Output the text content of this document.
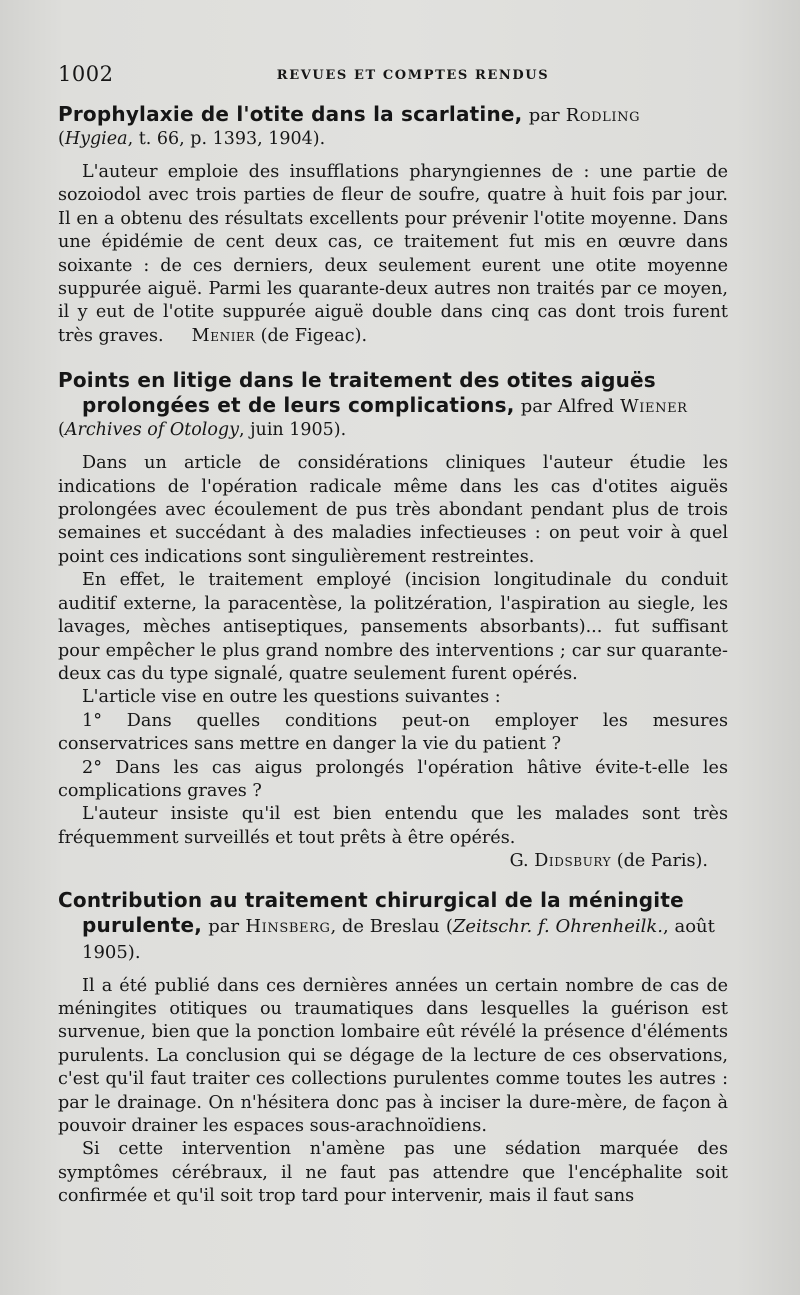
1002	REVUES ET COMPTES RENDUS

Prophylaxie de l'otite dans la scarlatine, par Rodling
(Hygiea, t. 66, p. 1393, 1904).

L'auteur emploie des insufflations pharyngiennes de : une partie de sozoiodol avec trois parties de fleur de soufre, quatre à huit fois par jour. Il en a obtenu des résultats excellents pour prévenir l'otite moyenne. Dans une épidémie de cent deux cas, ce traitement fut mis en œuvre dans soixante : de ces derniers, deux seulement eurent une otite moyenne suppurée aiguë. Parmi les quarante-deux autres non traités par ce moyen, il y eut de l'otite suppurée aiguë double dans cinq cas dont trois furent très graves. Menier (de Figeac).

Points en litige dans le traitement des otites aiguës prolongées et de leurs complications, par Alfred Wiener
(Archives of Otology, juin 1905).

Dans un article de considérations cliniques l'auteur étudie les indications de l'opération radicale même dans les cas d'otites aiguës prolongées avec écoulement de pus très abondant pendant plus de trois semaines et succédant à des maladies infectieuses : on peut voir à quel point ces indications sont singulièrement restreintes.

En effet, le traitement employé (incision longitudinale du conduit auditif externe, la paracentèse, la politzération, l'aspiration au siegle, les lavages, mèches antiseptiques, pansements absorbants)... fut suffisant pour empêcher le plus grand nombre des interventions ; car sur quarante-deux cas du type signalé, quatre seulement furent opérés.

L'article vise en outre les questions suivantes :

1° Dans quelles conditions peut-on employer les mesures conservatrices sans mettre en danger la vie du patient ?

2° Dans les cas aigus prolongés l'opération hâtive évite-t-elle les complications graves ?

L'auteur insiste qu'il est bien entendu que les malades sont très fréquemment surveillés et tout prêts à être opérés.

G. Didsbury (de Paris).

Contribution au traitement chirurgical de la méningite purulente, par Hinsberg, de Breslau (Zeitschr. f. Ohrenheilk., août 1905).

Il a été publié dans ces dernières années un certain nombre de cas de méningites otitiques ou traumatiques dans lesquelles la guérison est survenue, bien que la ponction lombaire eût révélé la présence d'éléments purulents. La conclusion qui se dégage de la lecture de ces observations, c'est qu'il faut traiter ces collections purulentes comme toutes les autres : par le drainage. On n'hésitera donc pas à inciser la dure-mère, de façon à pouvoir drainer les espaces sous-arachnoïdiens.

Si cette intervention n'amène pas une sédation marquée des symptômes cérébraux, il ne faut pas attendre que l'encéphalite soit confirmée et qu'il soit trop tard pour intervenir, mais il faut sans
